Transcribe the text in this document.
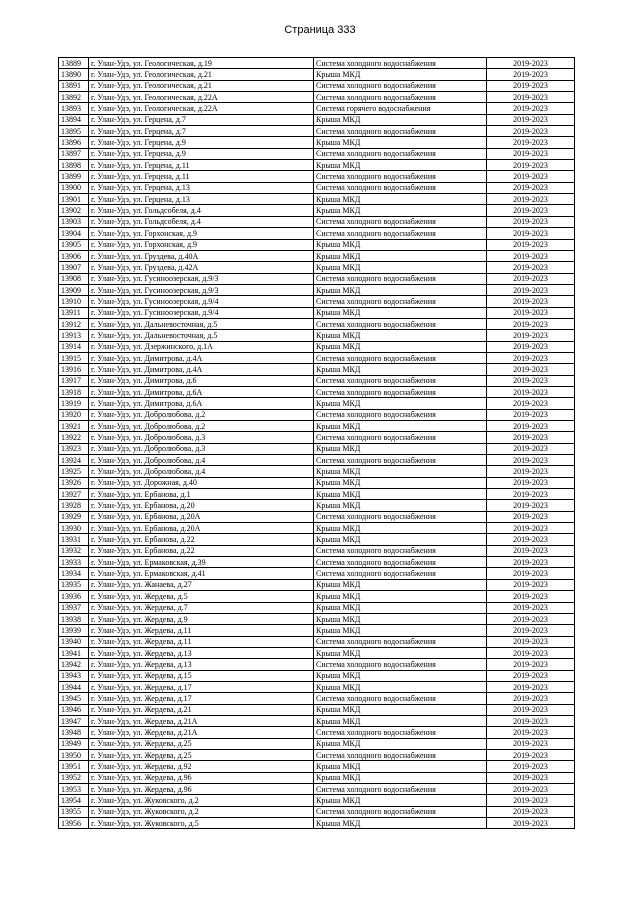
Страница 333
13889	г. Улан-Удэ, ул. Геологическая, д.19	Система холодного водоснабжения	2019-2023
13890	г. Улан-Удэ, ул. Геологическая, д.21	Крыша МКД	2019-2023
13891	г. Улан-Удэ, ул. Геологическая, д.21	Система холодного водоснабжения	2019-2023
13892	г. Улан-Удэ, ул. Геологическая, д.22А	Система холодного водоснабжения	2019-2023
13893	г. Улан-Удэ, ул. Геологическая, д.22А	Система горячего водоснабжения	2019-2023
13894	г. Улан-Удэ, ул. Герцена, д.7	Крыша МКД	2019-2023
13895	г. Улан-Удэ, ул. Герцена, д.7	Система холодного водоснабжения	2019-2023
13896	г. Улан-Удэ, ул. Герцена, д.9	Крыша МКД	2019-2023
13897	г. Улан-Удэ, ул. Герцена, д.9	Система холодного водоснабжения	2019-2023
13898	г. Улан-Удэ, ул. Герцена, д.11	Крыша МКД	2019-2023
13899	г. Улан-Удэ, ул. Герцена, д.11	Система холодного водоснабжения	2019-2023
13900	г. Улан-Удэ, ул. Герцена, д.13	Система холодного водоснабжения	2019-2023
13901	г. Улан-Удэ, ул. Герцена, д.13	Крыша МКД	2019-2023
13902	г. Улан-Удэ, ул. Гольдсобеля, д.4	Крыша МКД	2019-2023
13903	г. Улан-Удэ, ул. Гольдсобеля, д.4	Система холодного водоснабжения	2019-2023
13904	г. Улан-Удэ, ул. Горхонская, д.9	Система холодного водоснабжения	2019-2023
13905	г. Улан-Удэ, ул. Горхонская, д.9	Крыша МКД	2019-2023
13906	г. Улан-Удэ, ул. Груздева, д.40А	Крыша МКД	2019-2023
13907	г. Улан-Удэ, ул. Груздева, д.42А	Крыша МКД	2019-2023
13908	г. Улан-Удэ, ул. Гусиноозерская, д.9/3	Система холодного водоснабжения	2019-2023
13909	г. Улан-Удэ, ул. Гусиноозерская, д.9/3	Крыша МКД	2019-2023
13910	г. Улан-Удэ, ул. Гусиноозерская, д.9/4	Система холодного водоснабжения	2019-2023
13911	г. Улан-Удэ, ул. Гусиноозерская, д.9/4	Крыша МКД	2019-2023
13912	г. Улан-Удэ, ул. Дальневосточная, д.5	Система холодного водоснабжения	2019-2023
13913	г. Улан-Удэ, ул. Дальневосточная, д.5	Крыша МКД	2019-2023
13914	г. Улан-Удэ, ул. Дзержинского, д.1А	Крыша МКД	2019-2023
13915	г. Улан-Удэ, ул. Димитрова, д.4А	Система холодного водоснабжения	2019-2023
13916	г. Улан-Удэ, ул. Димитрова, д.4А	Крыша МКД	2019-2023
13917	г. Улан-Удэ, ул. Димитрова, д.6	Система холодного водоснабжения	2019-2023
13918	г. Улан-Удэ, ул. Димитрова, д.6А	Система холодного водоснабжения	2019-2023
13919	г. Улан-Удэ, ул. Димитрова, д.6А	Крыша МКД	2019-2023
13920	г. Улан-Удэ, ул. Добролюбова, д.2	Система холодного водоснабжения	2019-2023
13921	г. Улан-Удэ, ул. Добролюбова, д.2	Крыша МКД	2019-2023
13922	г. Улан-Удэ, ул. Добролюбова, д.3	Система холодного водоснабжения	2019-2023
13923	г. Улан-Удэ, ул. Добролюбова, д.3	Крыша МКД	2019-2023
13924	г. Улан-Удэ, ул. Добролюбова, д.4	Система холодного водоснабжения	2019-2023
13925	г. Улан-Удэ, ул. Добролюбова, д.4	Крыша МКД	2019-2023
13926	г. Улан-Удэ, ул. Дорожная, д.40	Крыша МКД	2019-2023
13927	г. Улан-Удэ, ул. Ербанова, д.1	Крыша МКД	2019-2023
13928	г. Улан-Удэ, ул. Ербанова, д.20	Крыша МКД	2019-2023
13929	г. Улан-Удэ, ул. Ербанова, д.20А	Система холодного водоснабжения	2019-2023
13930	г. Улан-Удэ, ул. Ербанова, д.20А	Крыша МКД	2019-2023
13931	г. Улан-Удэ, ул. Ербанова, д.22	Крыша МКД	2019-2023
13932	г. Улан-Удэ, ул. Ербанова, д.22	Система холодного водоснабжения	2019-2023
13933	г. Улан-Удэ, ул. Ермаковская, д.39	Система холодного водоснабжения	2019-2023
13934	г. Улан-Удэ, ул. Ермаковская, д.41	Система холодного водоснабжения	2019-2023
13935	г. Улан-Удэ, ул. Жанаева, д.27	Крыша МКД	2019-2023
13936	г. Улан-Удэ, ул. Жердева, д.5	Крыша МКД	2019-2023
13937	г. Улан-Удэ, ул. Жердева, д.7	Крыша МКД	2019-2023
13938	г. Улан-Удэ, ул. Жердева, д.9	Крыша МКД	2019-2023
13939	г. Улан-Удэ, ул. Жердева, д.11	Крыша МКД	2019-2023
13940	г. Улан-Удэ, ул. Жердева, д.11	Система холодного водоснабжения	2019-2023
13941	г. Улан-Удэ, ул. Жердева, д.13	Крыша МКД	2019-2023
13942	г. Улан-Удэ, ул. Жердева, д.13	Система холодного водоснабжения	2019-2023
13943	г. Улан-Удэ, ул. Жердева, д.15	Крыша МКД	2019-2023
13944	г. Улан-Удэ, ул. Жердева, д.17	Крыша МКД	2019-2023
13945	г. Улан-Удэ, ул. Жердева, д.17	Система холодного водоснабжения	2019-2023
13946	г. Улан-Удэ, ул. Жердева, д.21	Крыша МКД	2019-2023
13947	г. Улан-Удэ, ул. Жердева, д.21А	Крыша МКД	2019-2023
13948	г. Улан-Удэ, ул. Жердева, д.21А	Система холодного водоснабжения	2019-2023
13949	г. Улан-Удэ, ул. Жердева, д.25	Крыша МКД	2019-2023
13950	г. Улан-Удэ, ул. Жердева, д.25	Система холодного водоснабжения	2019-2023
13951	г. Улан-Удэ, ул. Жердева, д.92	Крыша МКД	2019-2023
13952	г. Улан-Удэ, ул. Жердева, д.96	Крыша МКД	2019-2023
13953	г. Улан-Удэ, ул. Жердева, д.96	Система холодного водоснабжения	2019-2023
13954	г. Улан-Удэ, ул. Жуковского, д.2	Крыша МКД	2019-2023
13955	г. Улан-Удэ, ул. Жуковского, д.2	Система холодного водоснабжения	2019-2023
13956	г. Улан-Удэ, ул. Жуковского, д.5	Крыша МКД	2019-2023
